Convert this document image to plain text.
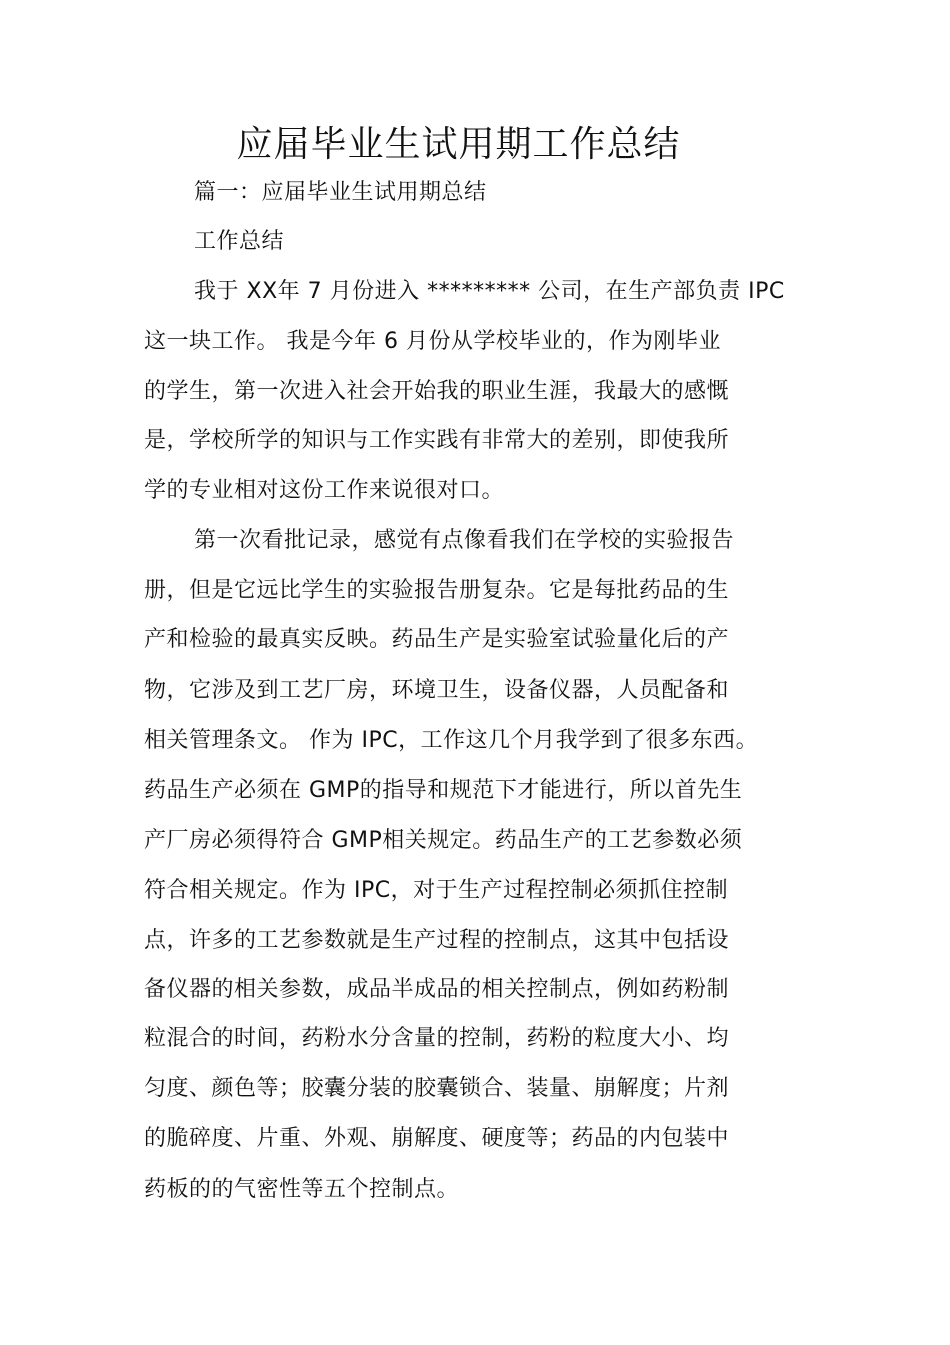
应届毕业生试用期工作总结
篇一：应届毕业生试用期总结
工作总结
我于 XX年 7 月份进入 ********* 公司，在生产部负责 IPC
这一块工作。 我是今年 6 月份从学校毕业的，作为刚毕业
的学生，第一次进入社会开始我的职业生涯，我最大的感慨
是，学校所学的知识与工作实践有非常大的差别，即使我所
学的专业相对这份工作来说很对口。
第一次看批记录，感觉有点像看我们在学校的实验报告
册，但是它远比学生的实验报告册复杂。它是每批药品的生
产和检验的最真实反映。药品生产是实验室试验量化后的产
物，它涉及到工艺厂房，环境卫生，设备仪器，人员配备和
相关管理条文。 作为 IPC，工作这几个月我学到了很多东西。
药品生产必须在 GMP的指导和规范下才能进行，所以首先生
产厂房必须得符合 GMP相关规定。药品生产的工艺参数必须
符合相关规定。作为 IPC，对于生产过程控制必须抓住控制
点，许多的工艺参数就是生产过程的控制点，这其中包括设
备仪器的相关参数，成品半成品的相关控制点，例如药粉制
粒混合的时间，药粉水分含量的控制，药粉的粒度大小、均
匀度、颜色等；胶囊分装的胶囊锁合、装量、崩解度；片剂
的脆碎度、片重、外观、崩解度、硬度等；药品的内包装中
药板的的气密性等五个控制点。
